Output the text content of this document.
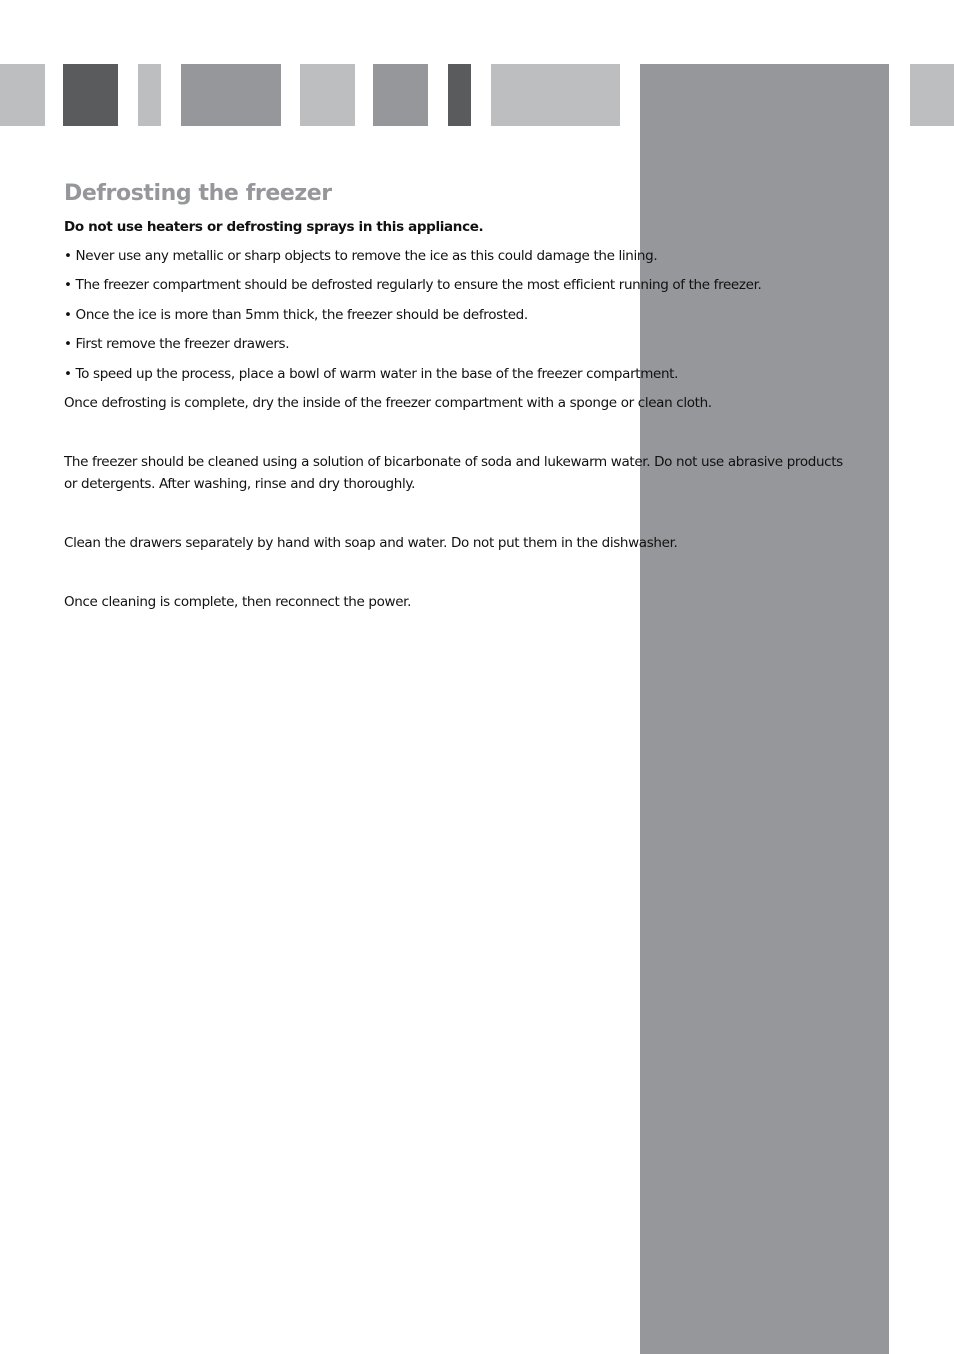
Defrosting the freezer

Do not use heaters or defrosting sprays in this appliance.

• Never use any metallic or sharp objects to remove the ice as this could damage the lining.

• The freezer compartment should be defrosted regularly to ensure the most efficient running of the freezer.

• Once the ice is more than 5mm thick, the freezer should be defrosted.

• First remove the freezer drawers.

• To speed up the process, place a bowl of warm water in the base of the freezer compartment.

Once defrosting is complete, dry the inside of the freezer compartment with a sponge or clean cloth.

The freezer should be cleaned using a solution of bicarbonate of soda and lukewarm water. Do not use abrasive products or detergents. After washing, rinse and dry thoroughly.

Clean the drawers separately by hand with soap and water. Do not put them in the dishwasher.

Once cleaning is complete, then reconnect the power.
